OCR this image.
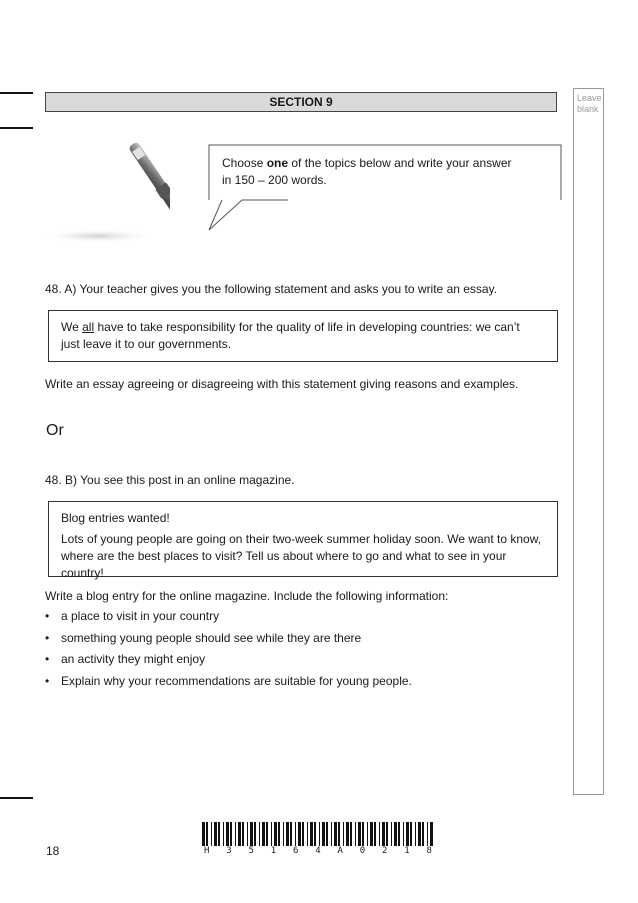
Leave blank
SECTION 9
Choose one of the topics below and write your answer
in 150 – 200 words.
48. A) Your teacher gives you the following statement and asks you to write an essay.
We all have to take responsibility for the quality of life in developing countries: we can’t
just leave it to our governments.
Write an essay agreeing or disagreeing with this statement giving reasons and examples.
Or
48. B) You see this post in an online magazine.
Blog entries wanted!
Lots of young people are going on their two-week summer holiday soon. We want to know,
where are the best places to visit? Tell us about where to go and what to see in your country!
Write a blog entry for the online magazine. Include the following information:
• a place to visit in your country
• something young people should see while they are there
• an activity they might enjoy
• Explain why your recommendations are suitable for young people.
18	H 3 5 1 6 4 A 0 2 1 8
